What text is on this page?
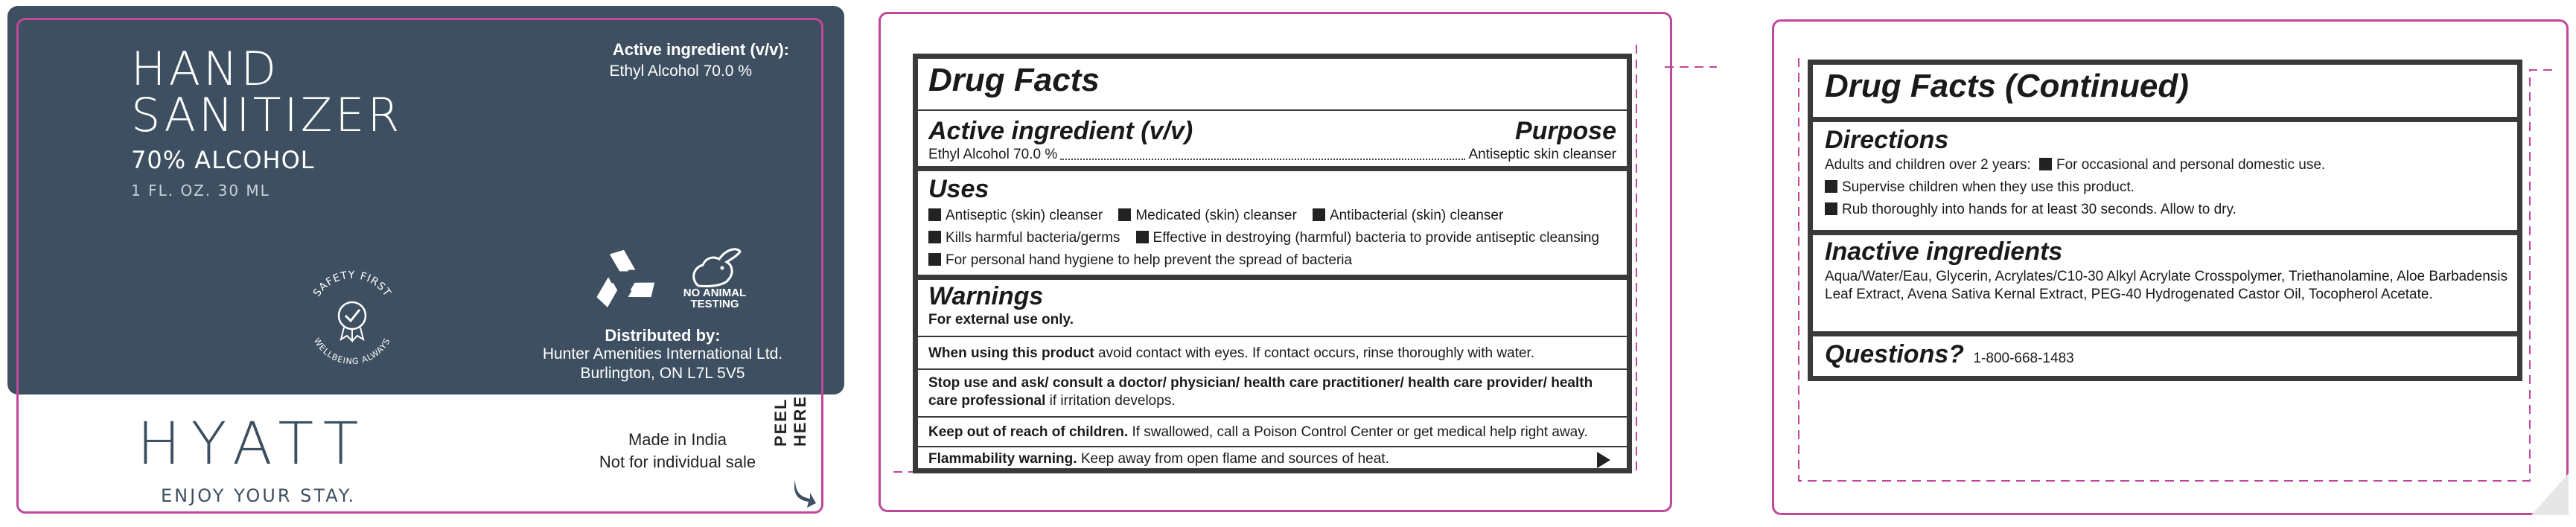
HAND
SANITIZER
70% ALCOHOL
1 FL. OZ. 30 ML
Active ingredient (v/v):
Ethyl Alcohol 70.0 %
SAFETY FIRST
WELLBEING ALWAYS
NO ANIMAL
TESTING
Distributed by:
Hunter Amenities International Ltd.
Burlington, ON L7L 5V5
HYATT
ENJOY YOUR STAY.
Made in India
Not for individual sale
PEEL HERE
Drug Facts
Active ingredient (v/v)	Purpose
Ethyl Alcohol 70.0 %	Antiseptic skin cleanser
Uses
Antiseptic (skin) cleanser Medicated (skin) cleanser Antibacterial (skin) cleanser
Kills harmful bacteria/germs Effective in destroying (harmful) bacteria to provide antiseptic cleansing
For personal hand hygiene to help prevent the spread of bacteria
Warnings
For external use only.
When using this product avoid contact with eyes. If contact occurs, rinse thoroughly with water.
Stop use and ask/ consult a doctor/ physician/ health care practitioner/ health care provider/ health care professional if irritation develops.
Keep out of reach of children. If swallowed, call a Poison Control Center or get medical help right away.
Flammability warning. Keep away from open flame and sources of heat.
Drug Facts (Continued)
Directions
Adults and children over 2 years: For occasional and personal domestic use.
Supervise children when they use this product.
Rub thoroughly into hands for at least 30 seconds. Allow to dry.
Inactive ingredients
Aqua/Water/Eau, Glycerin, Acrylates/C10-30 Alkyl Acrylate Crosspolymer, Triethanolamine, Aloe Barbadensis Leaf Extract, Avena Sativa Kernal Extract, PEG-40 Hydrogenated Castor Oil, Tocopherol Acetate.
Questions? 1-800-668-1483
